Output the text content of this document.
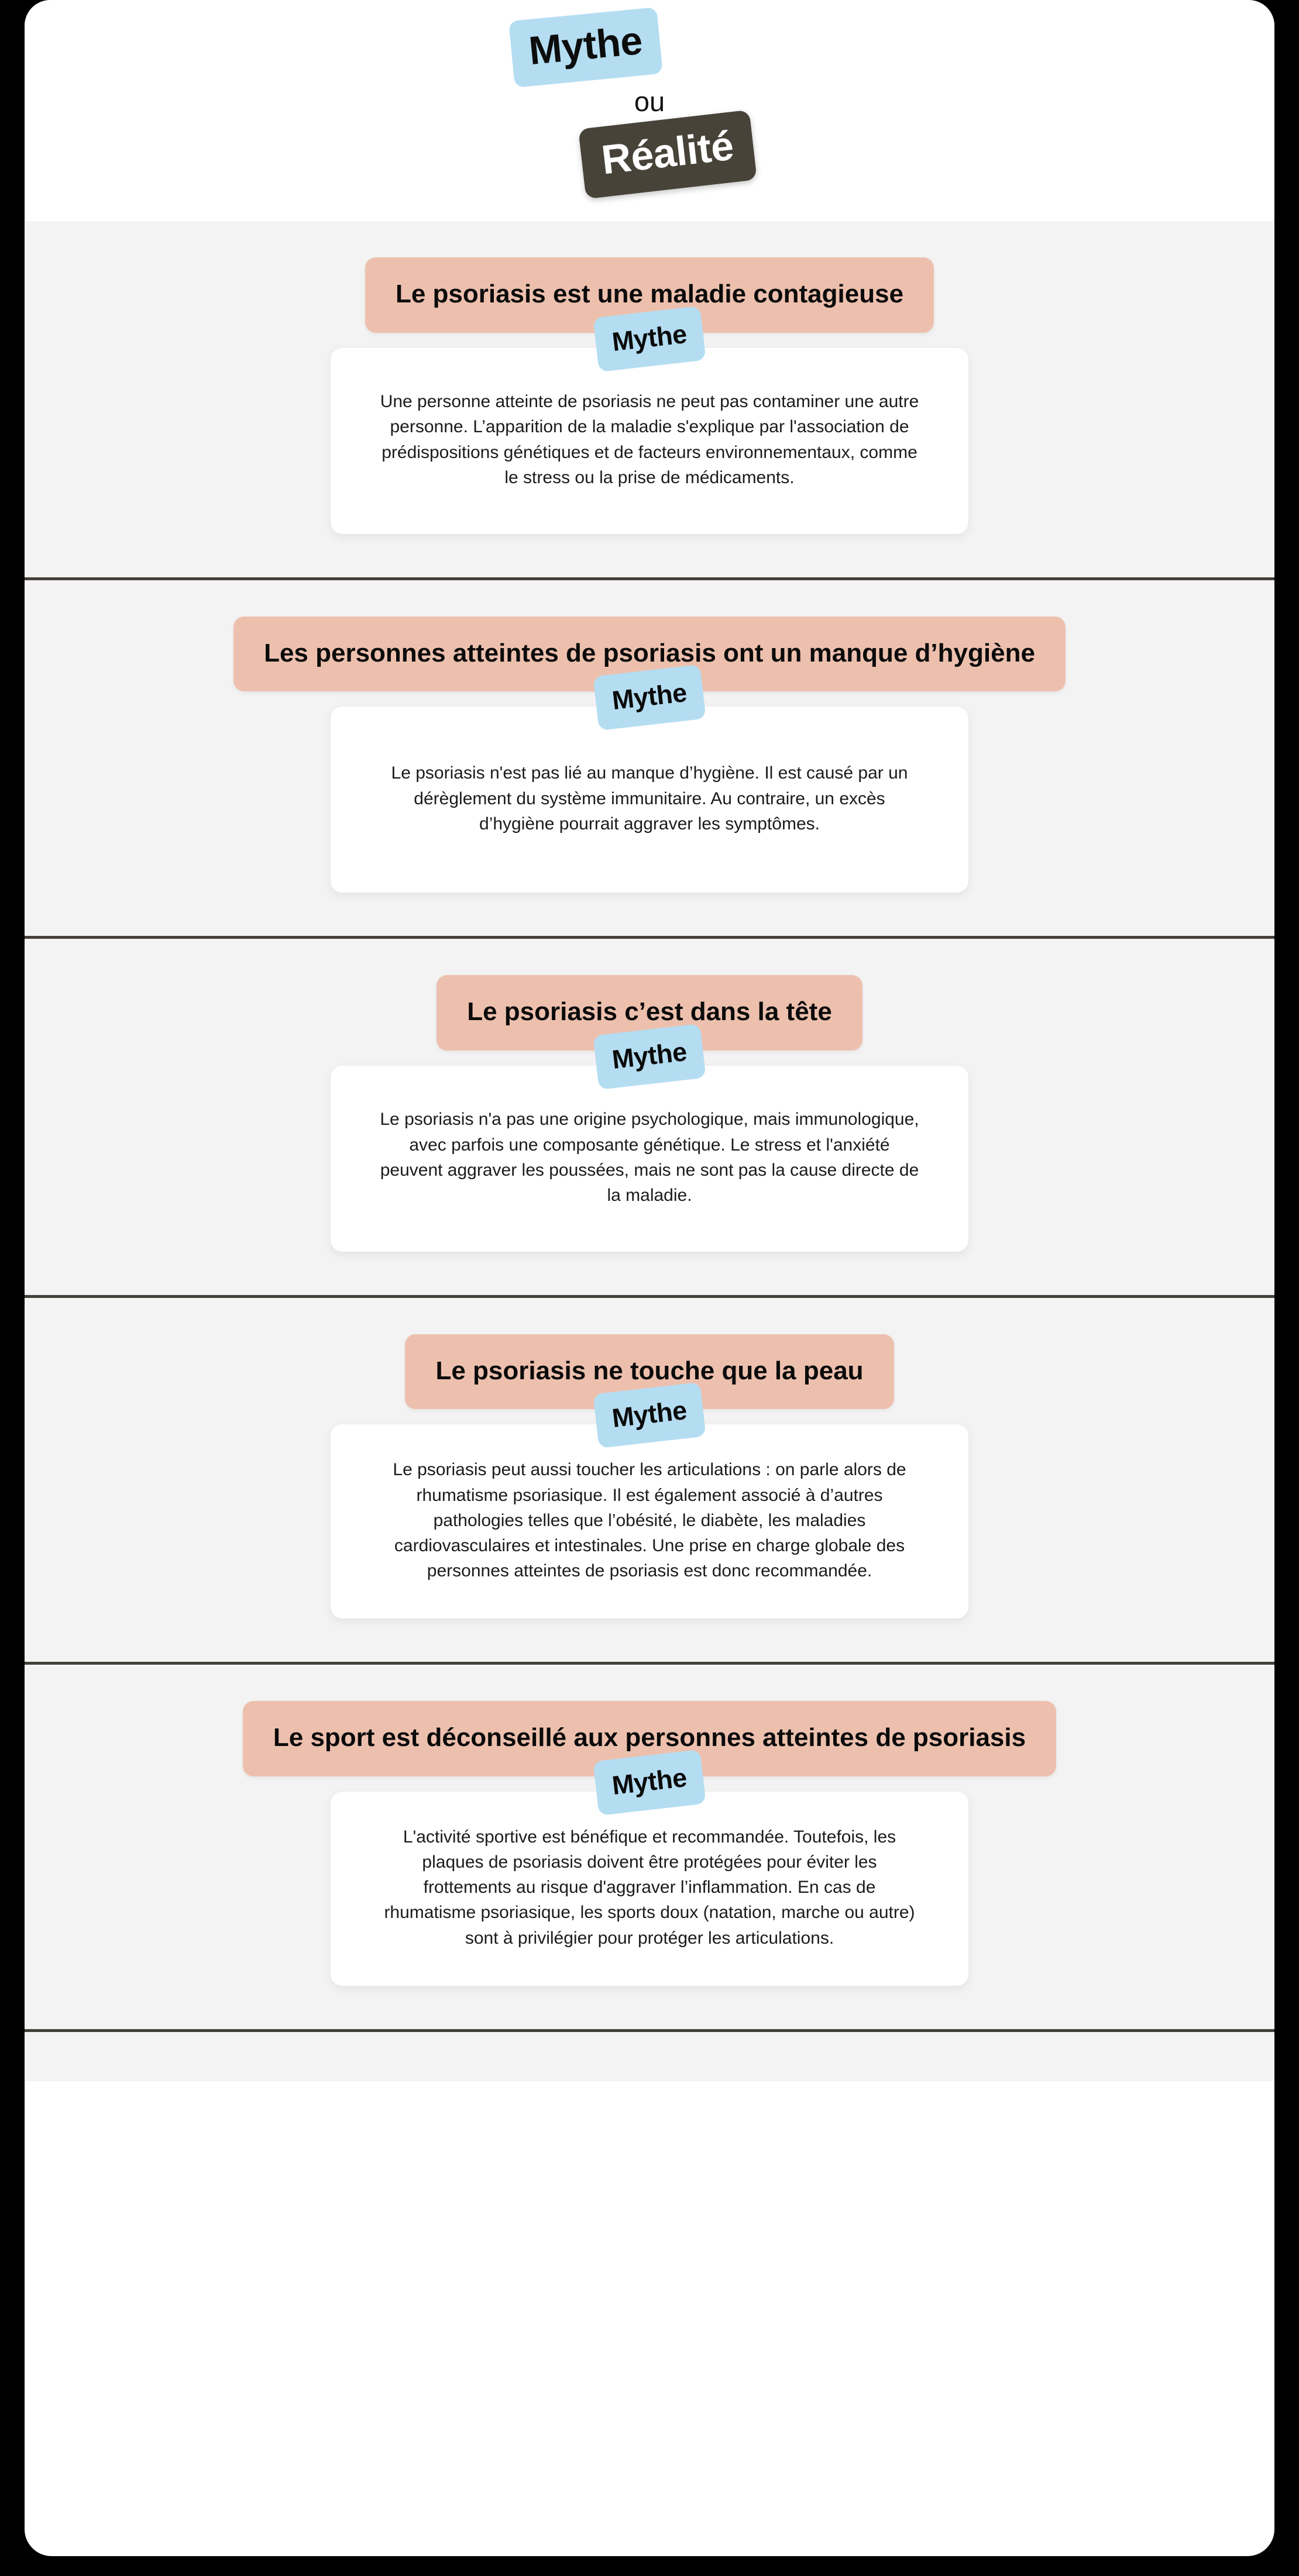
Mythe
ou
Réalité
Le psoriasis est une maladie contagieuse
Mythe
Une personne atteinte de psoriasis ne peut pas contaminer une autre personne. L’apparition de la maladie s'explique par l'association de prédispositions génétiques et de facteurs environnementaux, comme le stress ou la prise de médicaments.
Les personnes atteintes de psoriasis ont un manque d’hygiène
Mythe
Le psoriasis n'est pas lié au manque d’hygiène. Il est causé par un dérèglement du système immunitaire. Au contraire, un excès d’hygiène pourrait aggraver les symptômes.
Le psoriasis c’est dans la tête
Mythe
Le psoriasis n'a pas une origine psychologique, mais immunologique, avec parfois une composante génétique. Le stress et l'anxiété peuvent aggraver les poussées, mais ne sont pas la cause directe de la maladie.
Le psoriasis ne touche que la peau
Mythe
Le psoriasis peut aussi toucher les articulations : on parle alors de rhumatisme psoriasique. Il est également associé à d’autres pathologies telles que l’obésité, le diabète, les maladies cardiovasculaires et intestinales. Une prise en charge globale des personnes atteintes de psoriasis est donc recommandée.
Le sport est déconseillé aux personnes atteintes de psoriasis
Mythe
L'activité sportive est bénéfique et recommandée. Toutefois, les plaques de psoriasis doivent être protégées pour éviter les frottements au risque d'aggraver l’inflammation. En cas de rhumatisme psoriasique, les sports doux (natation, marche ou autre) sont à privilégier pour protéger les articulations.
